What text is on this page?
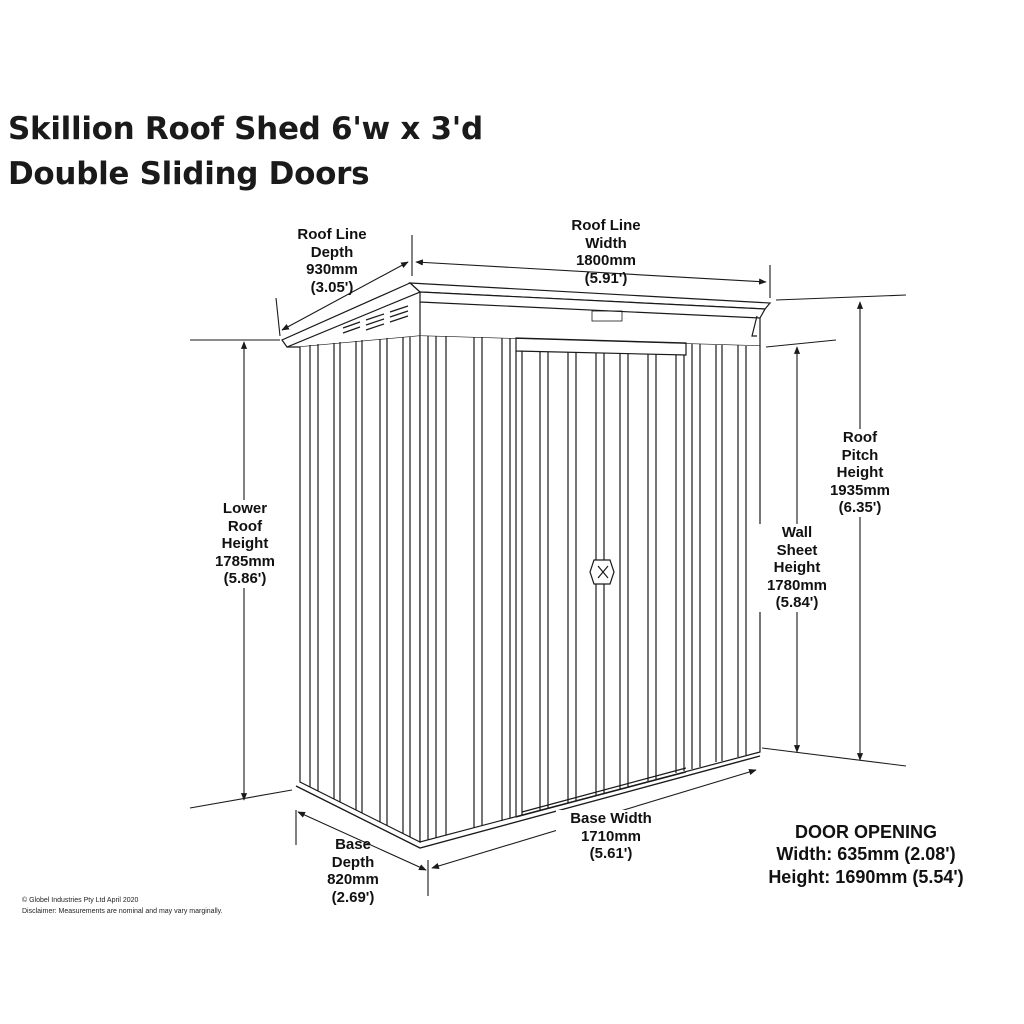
Skillion Roof Shed 6'w x 3'd
Double Sliding Doors
Roof Line
Depth
930mm
(3.05')
Roof Line
Width
1800mm
(5.91')
Roof
Pitch
Height
1935mm
(6.35')
Lower
Roof
Height
1785mm
(5.86')
Wall
Sheet
Height
1780mm
(5.84')
Base Width
1710mm
(5.61')
Base
Depth
820mm
(2.69')
DOOR OPENING
Width: 635mm (2.08')
Height: 1690mm (5.54')
© Globel Industries Pty Ltd April 2020
Disclaimer: Measurements are nominal and may vary marginally.
